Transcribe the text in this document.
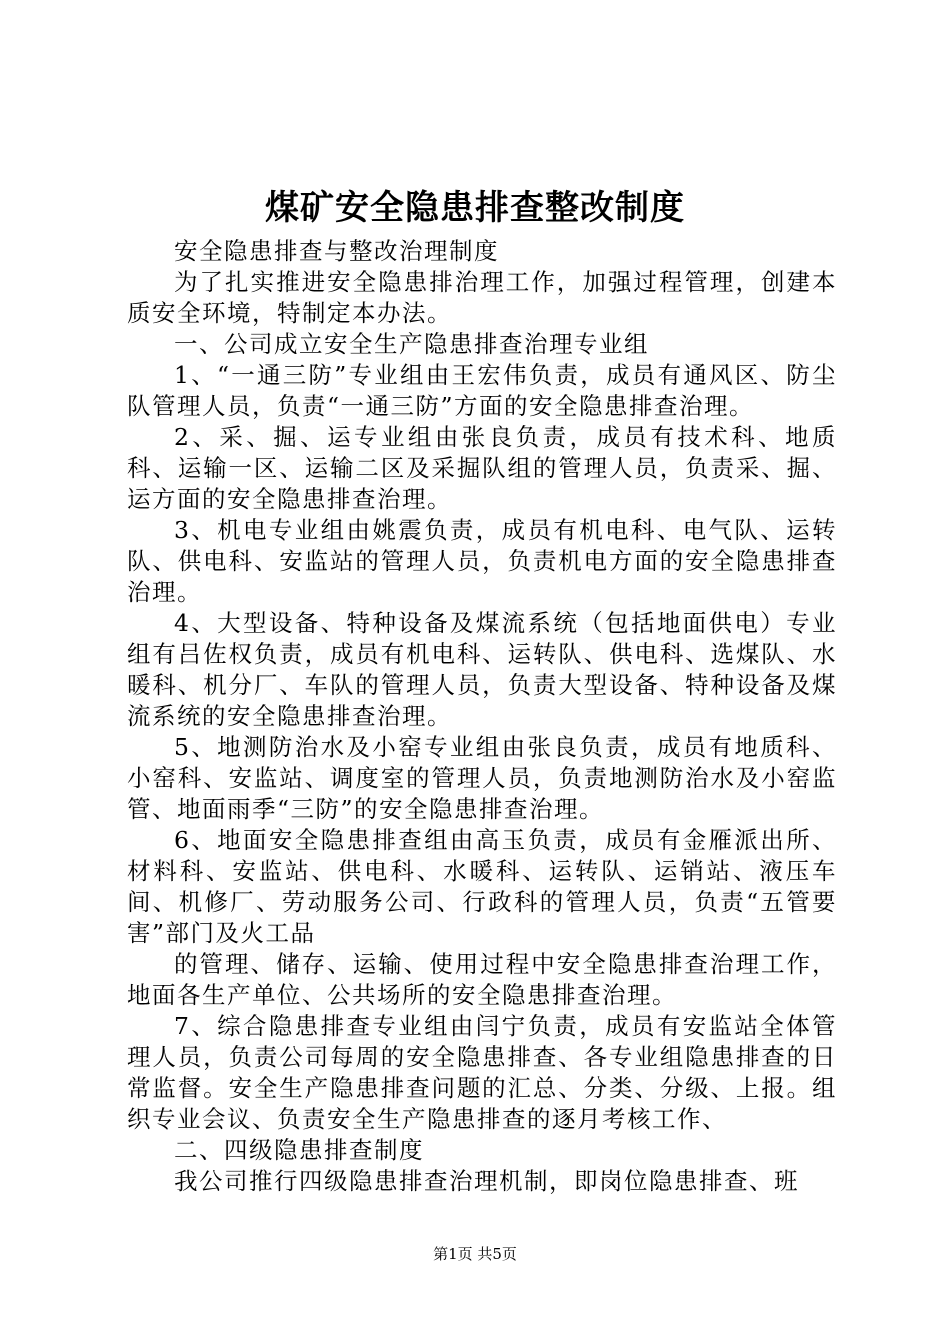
煤矿安全隐患排查整改制度

安全隐患排查与整改治理制度

为了扎实推进安全隐患排治理工作，加强过程管理，创建本质安全环境，特制定本办法。

一、公司成立安全生产隐患排查治理专业组

1、“一通三防”专业组由王宏伟负责，成员有通风区、防尘队管理人员，负责“一通三防”方面的安全隐患排查治理。

2、采、掘、运专业组由张良负责，成员有技术科、地质科、运输一区、运输二区及采掘队组的管理人员，负责采、掘、运方面的安全隐患排查治理。

3、机电专业组由姚震负责，成员有机电科、电气队、运转队、供电科、安监站的管理人员，负责机电方面的安全隐患排查治理。

4、大型设备、特种设备及煤流系统（包括地面供电）专业组有吕佐权负责，成员有机电科、运转队、供电科、选煤队、水暖科、机分厂、车队的管理人员，负责大型设备、特种设备及煤流系统的安全隐患排查治理。

5、地测防治水及小窑专业组由张良负责，成员有地质科、小窑科、安监站、调度室的管理人员，负责地测防治水及小窑监管、地面雨季“三防”的安全隐患排查治理。

6、地面安全隐患排查组由高玉负责，成员有金雁派出所、材料科、安监站、供电科、水暖科、运转队、运销站、液压车间、机修厂、劳动服务公司、行政科的管理人员，负责“五管要害”部门及火工品

的管理、储存、运输、使用过程中安全隐患排查治理工作，地面各生产单位、公共场所的安全隐患排查治理。

7、综合隐患排查专业组由闫宁负责，成员有安监站全体管理人员，负责公司每周的安全隐患排查、各专业组隐患排查的日常监督。安全生产隐患排查问题的汇总、分类、分级、上报。组织专业会议、负责安全生产隐患排查的逐月考核工作、

二、四级隐患排查制度

我公司推行四级隐患排查治理机制，即岗位隐患排查、班

第1页 共5页
